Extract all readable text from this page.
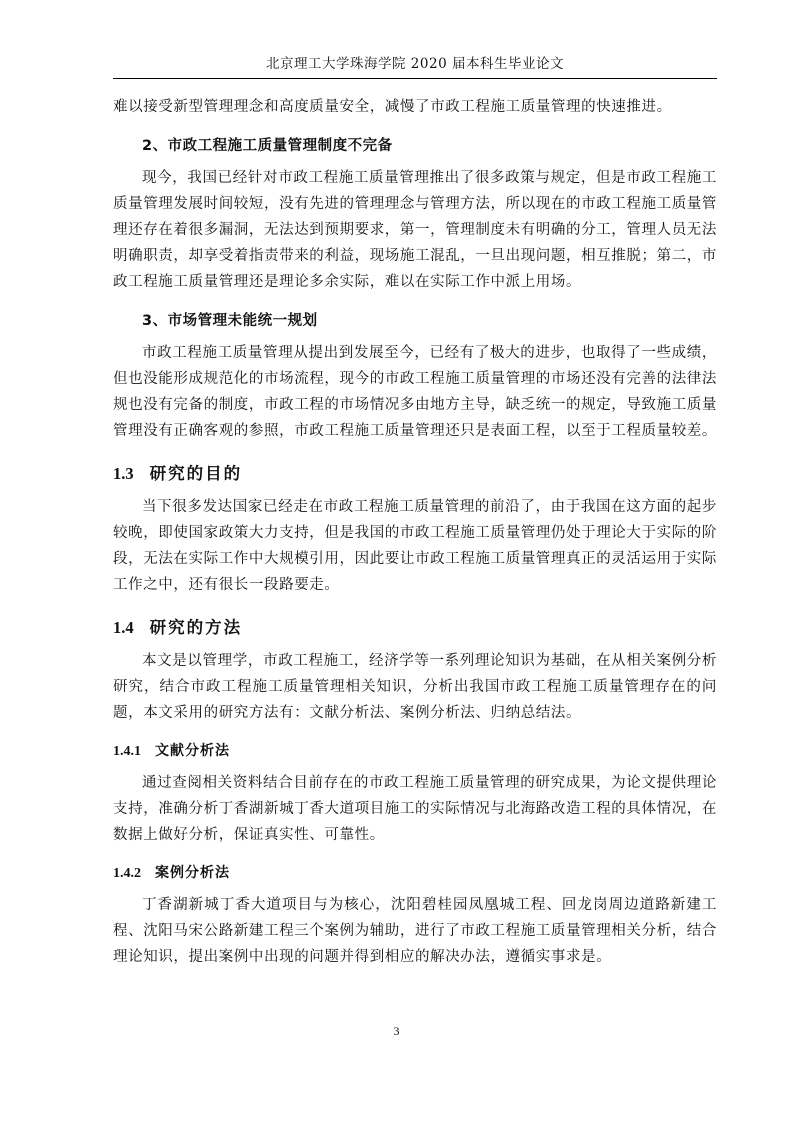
北京理工大学珠海学院 2020 届本科生毕业论文

难以接受新型管理理念和高度质量安全，减慢了市政工程施工质量管理的快速推进。

2、市政工程施工质量管理制度不完备

现今，我国已经针对市政工程施工质量管理推出了很多政策与规定，但是市政工程施工质量管理发展时间较短，没有先进的管理理念与管理方法，所以现在的市政工程施工质量管理还存在着很多漏洞，无法达到预期要求，第一，管理制度未有明确的分工，管理人员无法明确职责，却享受着指责带来的利益，现场施工混乱，一旦出现问题，相互推脱；第二，市政工程施工质量管理还是理论多余实际，难以在实际工作中派上用场。

3、市场管理未能统一规划

市政工程施工质量管理从提出到发展至今，已经有了极大的进步，也取得了一些成绩，但也没能形成规范化的市场流程，现今的市政工程施工质量管理的市场还没有完善的法律法规也没有完备的制度，市政工程的市场情况多由地方主导，缺乏统一的规定，导致施工质量管理没有正确客观的参照，市政工程施工质量管理还只是表面工程，以至于工程质量较差。

1.3 研究的目的

当下很多发达国家已经走在市政工程施工质量管理的前沿了，由于我国在这方面的起步较晚，即使国家政策大力支持，但是我国的市政工程施工质量管理仍处于理论大于实际的阶段，无法在实际工作中大规模引用，因此要让市政工程施工质量管理真正的灵活运用于实际工作之中，还有很长一段路要走。

1.4 研究的方法

本文是以管理学，市政工程施工，经济学等一系列理论知识为基础，在从相关案例分析研究，结合市政工程施工质量管理相关知识，分析出我国市政工程施工质量管理存在的问题，本文采用的研究方法有：文献分析法、案例分析法、归纳总结法。

1.4.1 文献分析法

通过查阅相关资料结合目前存在的市政工程施工质量管理的研究成果，为论文提供理论支持，准确分析丁香湖新城丁香大道项目施工的实际情况与北海路改造工程的具体情况，在数据上做好分析，保证真实性、可靠性。

1.4.2 案例分析法

丁香湖新城丁香大道项目与为核心，沈阳碧桂园凤凰城工程、回龙岗周边道路新建工程、沈阳马宋公路新建工程三个案例为辅助，进行了市政工程施工质量管理相关分析，结合理论知识，提出案例中出现的问题并得到相应的解决办法，遵循实事求是。

3
